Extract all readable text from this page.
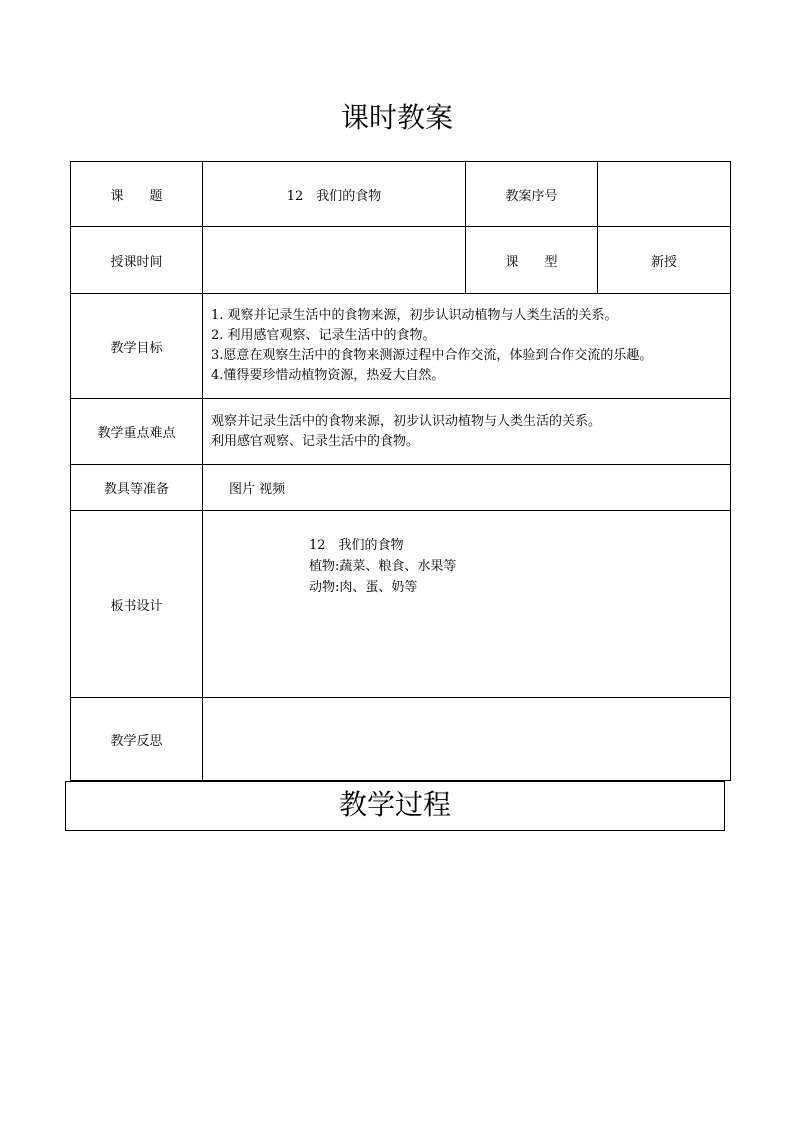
课时教案
课　　题	12　我们的食物	教案序号	
授课时间		课　　型	新授
教学目标	1. 观察并记录生活中的食物来源，初步认识动植物与人类生活的关系。
2. 利用感官观察、记录生活中的食物。
3.愿意在观察生活中的食物来测源过程中合作交流，体验到合作交流的乐趣。
4.懂得要珍惜动植物资源，热爱大自然。		

教学重点难点	观察并记录生活中的食物来源，初步认识动植物与人类生活的关系。
利用感官观察、记录生活中的食物。		

教具等准备	图片 视频		

板书设计	12　我们的食物
植物:蔬菜、粮食、水果等
动物:肉、蛋、奶等		

教学反思			
教学过程
